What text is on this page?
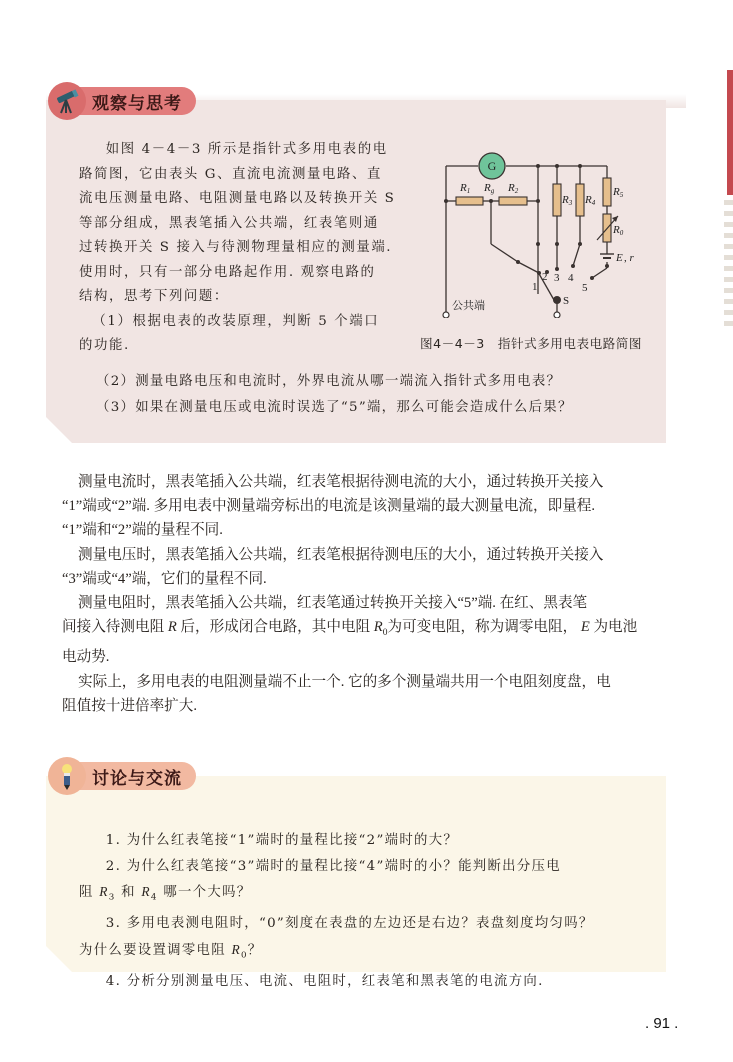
观察与思考

如图 4－4－3 所示是指针式多用电表的电

路简图，它由表头 G、直流电流测量电路、直

流电压测量电路、电阻测量电路以及转换开关 S

等部分组成，黑表笔插入公共端，红表笔则通

过转换开关 S 接入与待测物理量相应的测量端.

使用时，只有一部分电路起作用. 观察电路的

结构，思考下列问题：

（1）根据电表的改装原理，判断 5 个端口

的功能.

（2）测量电路电压和电流时，外界电流从哪一端流入指针式多用电表？
（3）如果在测量电压或电流时误选了“5”端，那么可能会造成什么后果？
G
R1 Rg R2
R3 R4
R5
R0
E , r
1
2 3 4
5
S
公共端
图4－4－3　指针式多用电表电路简图

测量电流时，黑表笔插入公共端，红表笔根据待测电流的大小，通过转换开关接入

“1”端或“2”端. 多用电表中测量端旁标出的电流是该测量端的最大测量电流，即量程.

“1”端和“2”端的量程不同.

测量电压时，黑表笔插入公共端，红表笔根据待测电压的大小，通过转换开关接入

“3”端或“4”端，它们的量程不同.

测量电阻时，黑表笔插入公共端，红表笔通过转换开关接入“5”端. 在红、黑表笔

间接入待测电阻 R 后，形成闭合电路，其中电阻 $R_0$为可变电阻，称为调零电阻， E 为电池

电动势.

实际上，多用电表的电阻测量端不止一个. 它的多个测量端共用一个电阻刻度盘，电

阻值按十进倍率扩大.

讨论与交流

1. 为什么红表笔接“1”端时的量程比接“2”端时的大？

2. 为什么红表笔接“3”端时的量程比接“4”端时的小？能判断出分压电

阻 $R_3$ 和 $R_4$ 哪一个大吗？

3. 多用电表测电阻时，“0”刻度在表盘的左边还是右边？表盘刻度均匀吗？

为什么要设置调零电阻 $R_0$？

4. 分析分别测量电压、电流、电阻时，红表笔和黑表笔的电流方向.

. 91 .
